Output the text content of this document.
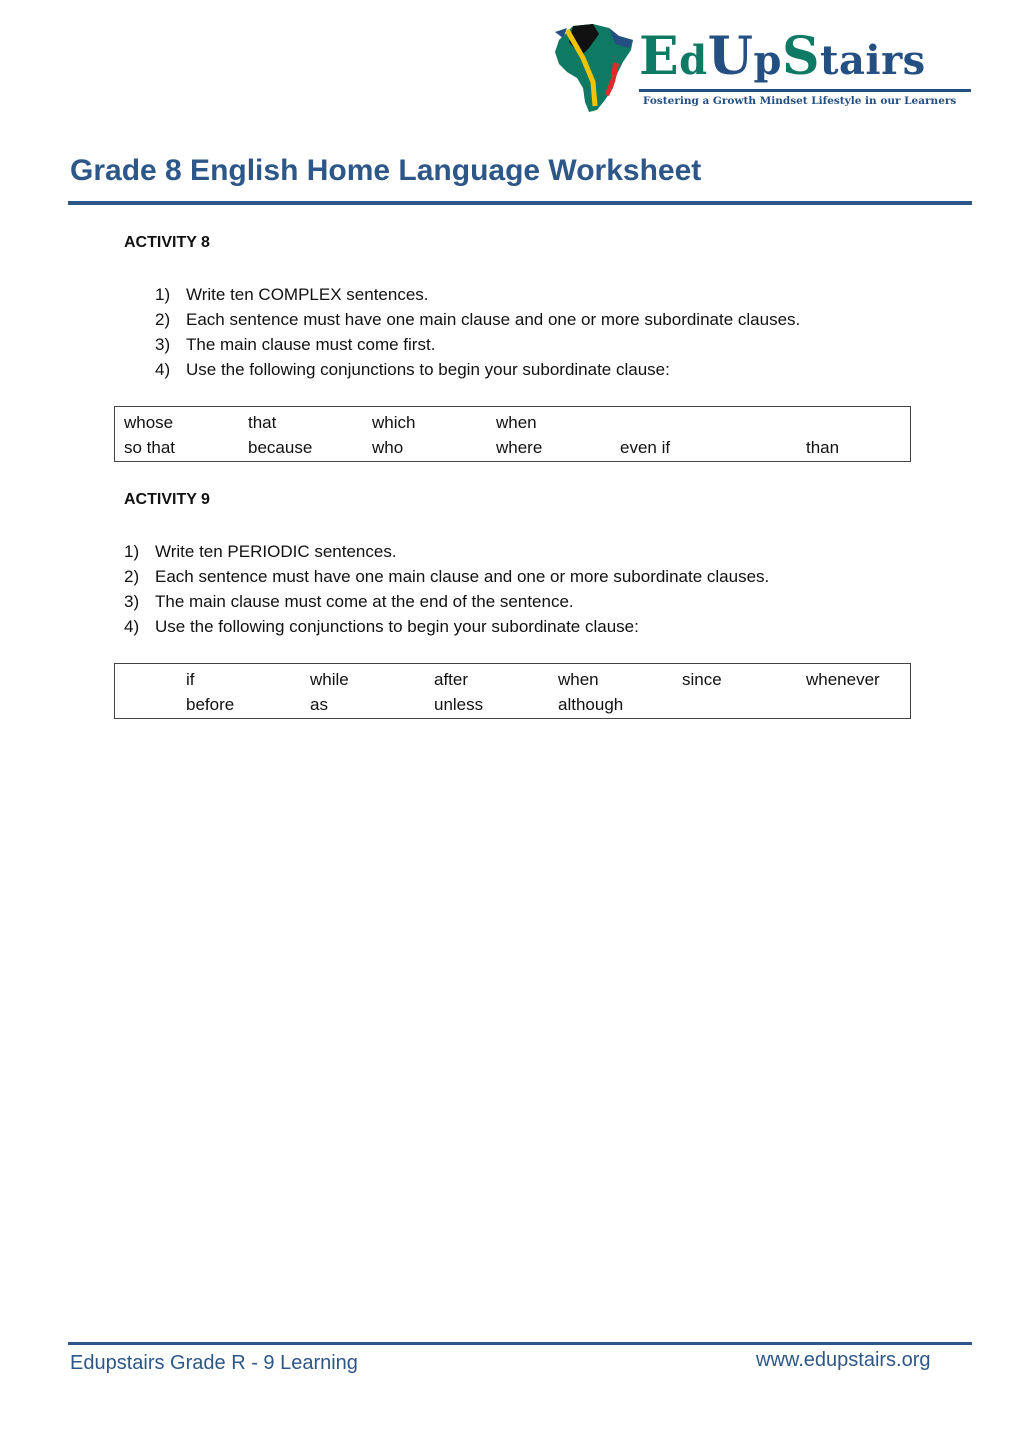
EdUpStairs
Fostering a Growth Mindset Lifestyle in our Learners
Grade 8 English Home Language Worksheet
ACTIVITY 8
1) Write ten COMPLEX sentences.
2) Each sentence must have one main clause and one or more subordinate clauses.
3) The main clause must come first.
4) Use the following conjunctions to begin your subordinate clause:
whose	that	which	when
so that	because	who	where	even if	than
ACTIVITY 9
1) Write ten PERIODIC sentences.
2) Each sentence must have one main clause and one or more subordinate clauses.
3) The main clause must come at the end of the sentence.
4) Use the following conjunctions to begin your subordinate clause:
if	while	after	when	since	whenever
before	as	unless	although
Edupstairs Grade R - 9 Learning	www.edupstairs.org
